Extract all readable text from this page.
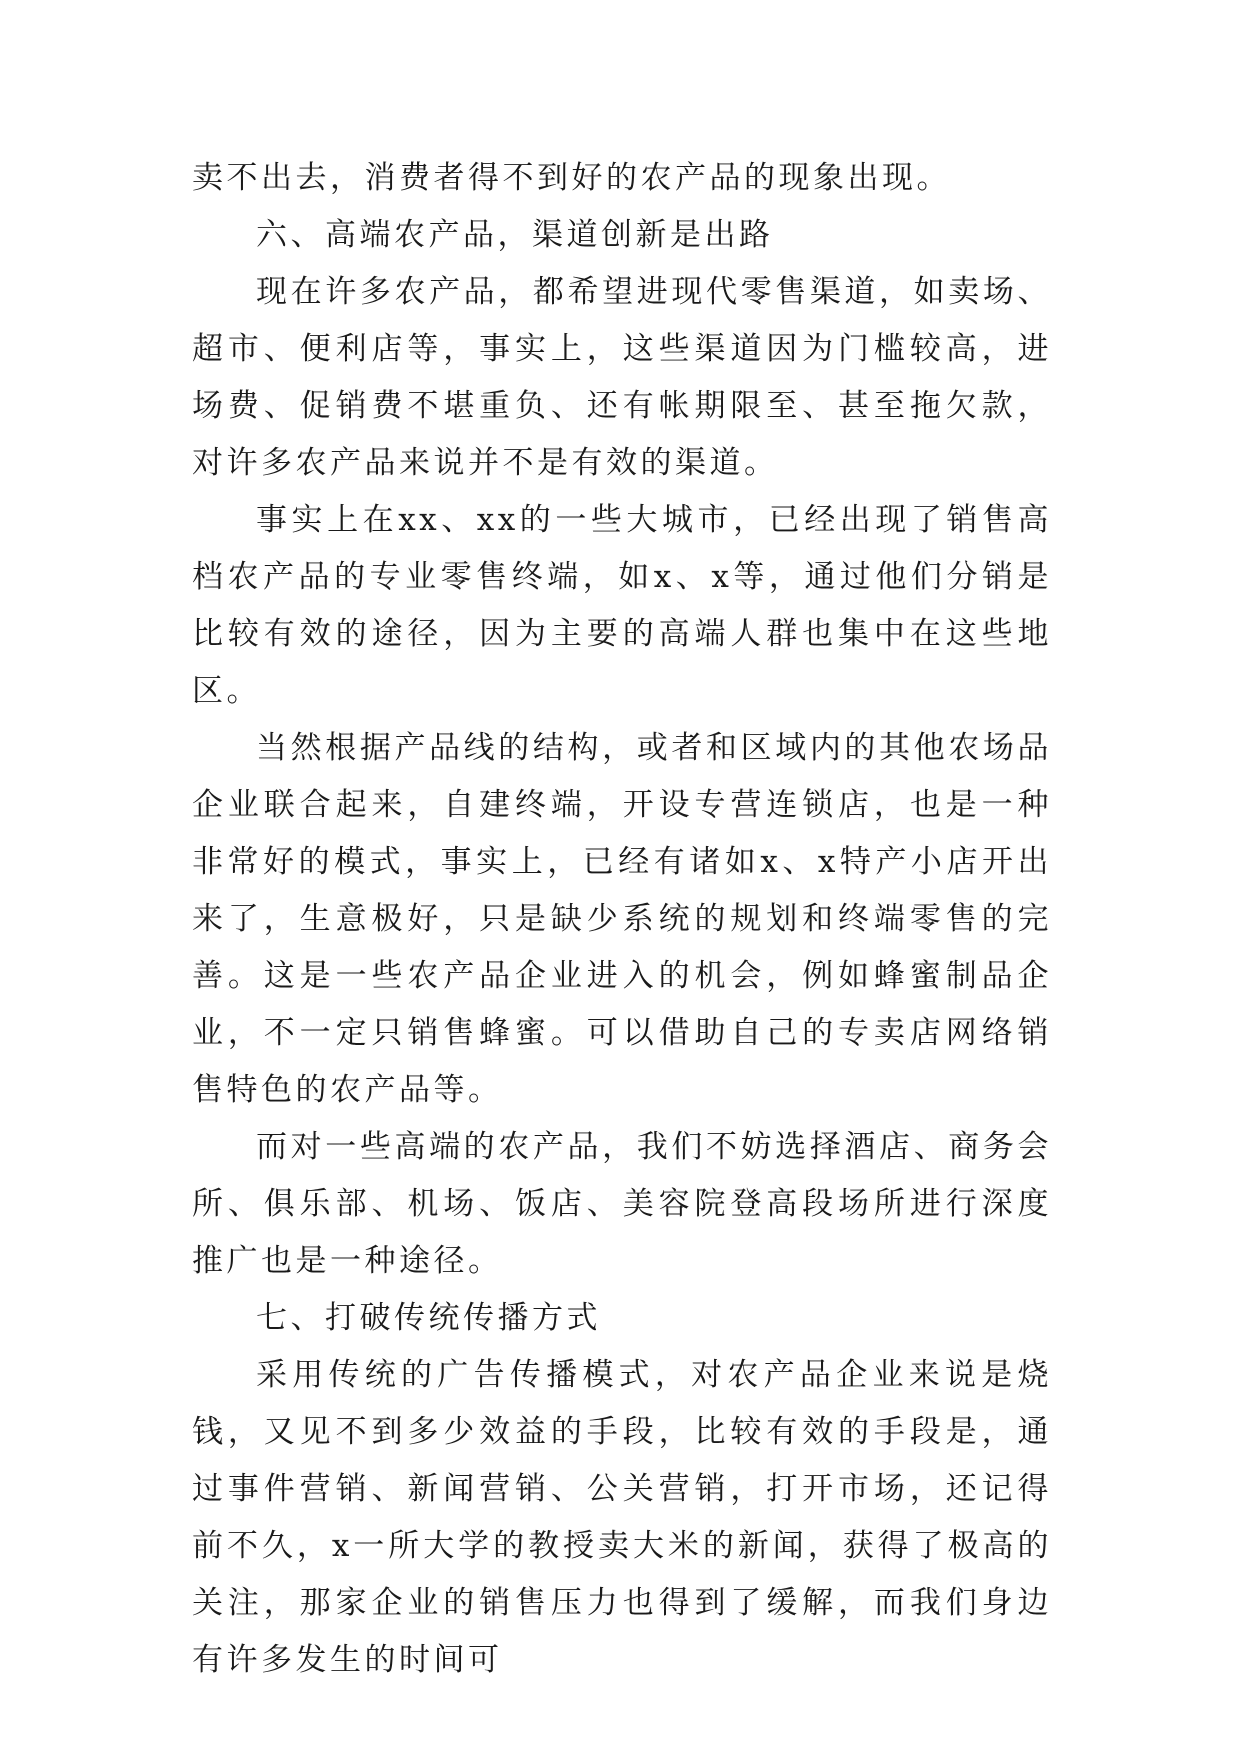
卖不出去，消费者得不到好的农产品的现象出现。

六、高端农产品，渠道创新是出路

现在许多农产品，都希望进现代零售渠道，如卖场、超市、便利店等，事实上，这些渠道因为门槛较高，进场费、促销费不堪重负、还有帐期限至、甚至拖欠款，对许多农产品来说并不是有效的渠道。

事实上在xx、xx的一些大城市，已经出现了销售高档农产品的专业零售终端，如x、x等，通过他们分销是比较有效的途径，因为主要的高端人群也集中在这些地区。

当然根据产品线的结构，或者和区域内的其他农场品企业联合起来，自建终端，开设专营连锁店，也是一种非常好的模式，事实上，已经有诸如x、x特产小店开出来了，生意极好，只是缺少系统的规划和终端零售的完善。这是一些农产品企业进入的机会，例如蜂蜜制品企业，不一定只销售蜂蜜。可以借助自己的专卖店网络销售特色的农产品等。

而对一些高端的农产品，我们不妨选择酒店、商务会所、俱乐部、机场、饭店、美容院登高段场所进行深度推广也是一种途径。

七、打破传统传播方式

采用传统的广告传播模式，对农产品企业来说是烧钱，又见不到多少效益的手段，比较有效的手段是，通过事件营销、新闻营销、公关营销，打开市场，还记得前不久，x一所大学的教授卖大米的新闻，获得了极高的关注，那家企业的销售压力也得到了缓解，而我们身边有许多发生的时间可
